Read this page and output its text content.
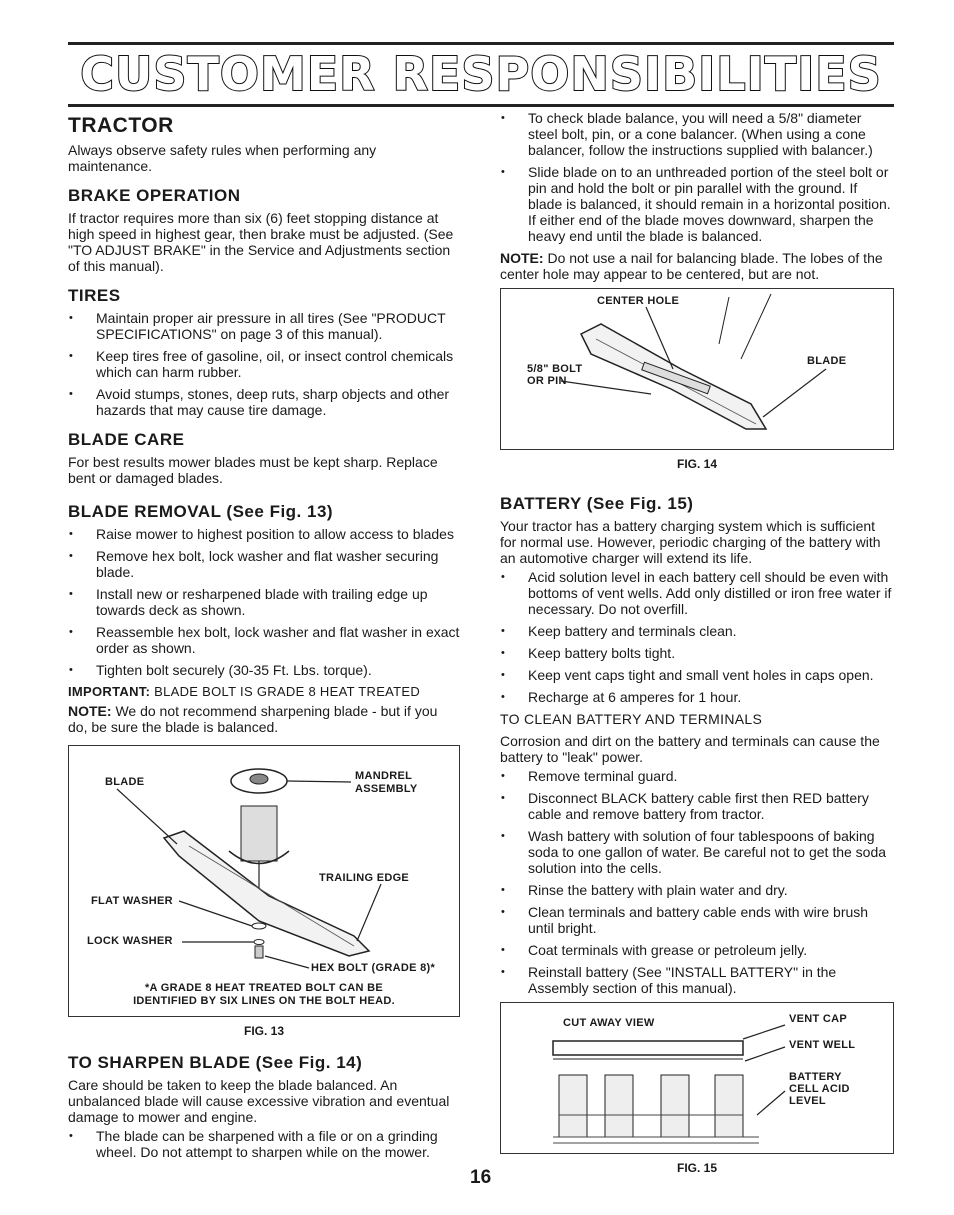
CUSTOMER RESPONSIBILITIES
TRACTOR

Always observe safety rules when performing any maintenance.

BRAKE OPERATION

If tractor requires more than six (6) feet stopping distance at high speed in highest gear, then brake must be adjusted. (See "TO ADJUST BRAKE" in the Service and Adjustments section of this manual).

TIRES
• Maintain proper air pressure in all tires (See "PRODUCT SPECIFICATIONS" on page 3 of this manual).
• Keep tires free of gasoline, oil, or insect control chemicals which can harm rubber.
• Avoid stumps, stones, deep ruts, sharp objects and other hazards that may cause tire damage.
BLADE CARE

For best results mower blades must be kept sharp. Replace bent or damaged blades.

BLADE REMOVAL (See Fig. 13)
• Raise mower to highest position to allow access to blades
• Remove hex bolt, lock washer and flat washer securing blade.
• Install new or resharpened blade with trailing edge up towards deck as shown.
• Reassemble hex bolt, lock washer and flat washer in exact order as shown.
• Tighten bolt securely (30-35 Ft. Lbs. torque).

IMPORTANT: BLADE BOLT IS GRADE 8 HEAT TREATED

NOTE: We do not recommend sharpening blade - but if you do, be sure the blade is balanced.

BLADE	MANDREL
ASSEMBLY
TRAILING EDGE
FLAT WASHER
LOCK WASHER
HEX BOLT (GRADE 8)*
*A GRADE 8 HEAT TREATED BOLT CAN BE
IDENTIFIED BY SIX LINES ON THE BOLT HEAD.
FIG. 13
TO SHARPEN BLADE (See Fig. 14)

Care should be taken to keep the blade balanced. An unbalanced blade will cause excessive vibration and eventual damage to mower and engine.

• The blade can be sharpened with a file or on a grinding wheel. Do not attempt to sharpen while on the mower.
• To check blade balance, you will need a 5/8" diameter steel bolt, pin, or a cone balancer. (When using a cone balancer, follow the instructions supplied with balancer.)
• Slide blade on to an unthreaded portion of the steel bolt or pin and hold the bolt or pin parallel with the ground. If blade is balanced, it should remain in a horizontal position. If either end of the blade moves downward, sharpen the heavy end until the blade is balanced.

NOTE: Do not use a nail for balancing blade. The lobes of the center hole may appear to be centered, but are not.

CENTER HOLE
5/8" BOLT
OR PIN
BLADE
FIG. 14
BATTERY (See Fig. 15)

Your tractor has a battery charging system which is sufficient for normal use. However, periodic charging of the battery with an automotive charger will extend its life.

• Acid solution level in each battery cell should be even with bottoms of vent wells. Add only distilled or iron free water if necessary. Do not overfill.
• Keep battery and terminals clean.
• Keep battery bolts tight.
• Keep vent caps tight and small vent holes in caps open.
• Recharge at 6 amperes for 1 hour.

TO CLEAN BATTERY AND TERMINALS

Corrosion and dirt on the battery and terminals can cause the battery to "leak" power.

• Remove terminal guard.
• Disconnect BLACK battery cable first then RED battery cable and remove battery from tractor.
• Wash battery with solution of four tablespoons of baking soda to one gallon of water. Be careful not to get the soda solution into the cells.
• Rinse the battery with plain water and dry.
• Clean terminals and battery cable ends with wire brush until bright.
• Coat terminals with grease or petroleum jelly.
• Reinstall battery (See "INSTALL BATTERY" in the Assembly section of this manual).
CUT AWAY VIEW	VENT CAP
VENT WELL
BATTERY
CELL ACID
LEVEL
FIG. 15
16
